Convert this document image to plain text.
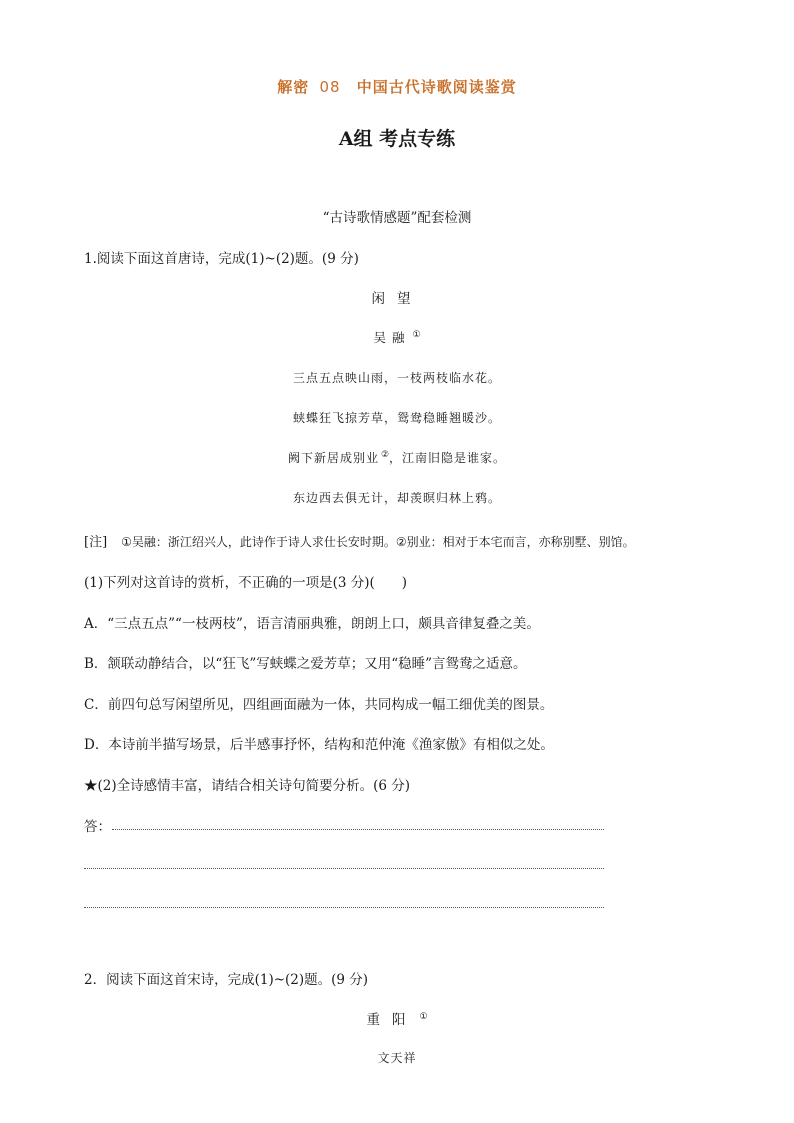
解密 08 中国古代诗歌阅读鉴赏
A组 考点专练
“古诗歌情感题”配套检测
1.阅读下面这首唐诗，完成(1)~(2)题。(9 分)
闲望
吴融 ①
三点五点映山雨，一枝两枝临水花。
蛱蝶狂飞掠芳草，鸳鸯稳睡翘暖沙。
阙下新居成别业 ②，江南旧隐是谁家。
东边西去俱无计，却羡暝归林上鸦。
[注] ①吴融：浙江绍兴人，此诗作于诗人求仕长安时期。②别业：相对于本宅而言，亦称别墅、别馆。
(1)下列对这首诗的赏析，不正确的一项是(3 分)(　　)
A．“三点五点”“一枝两枝”，语言清丽典雅，朗朗上口，颇具音律复叠之美。
B．颔联动静结合，以“狂飞”写蛱蝶之爱芳草；又用“稳睡”言鸳鸯之适意。
C．前四句总写闲望所见，四组画面融为一体，共同构成一幅工细优美的图景。
D．本诗前半描写场景，后半感事抒怀，结构和范仲淹《渔家傲》有相似之处。
★(2)全诗感情丰富，请结合相关诗句简要分析。(6 分)
答：
2．阅读下面这首宋诗，完成(1)~(2)题。(9 分)
重阳 ①
文天祥
